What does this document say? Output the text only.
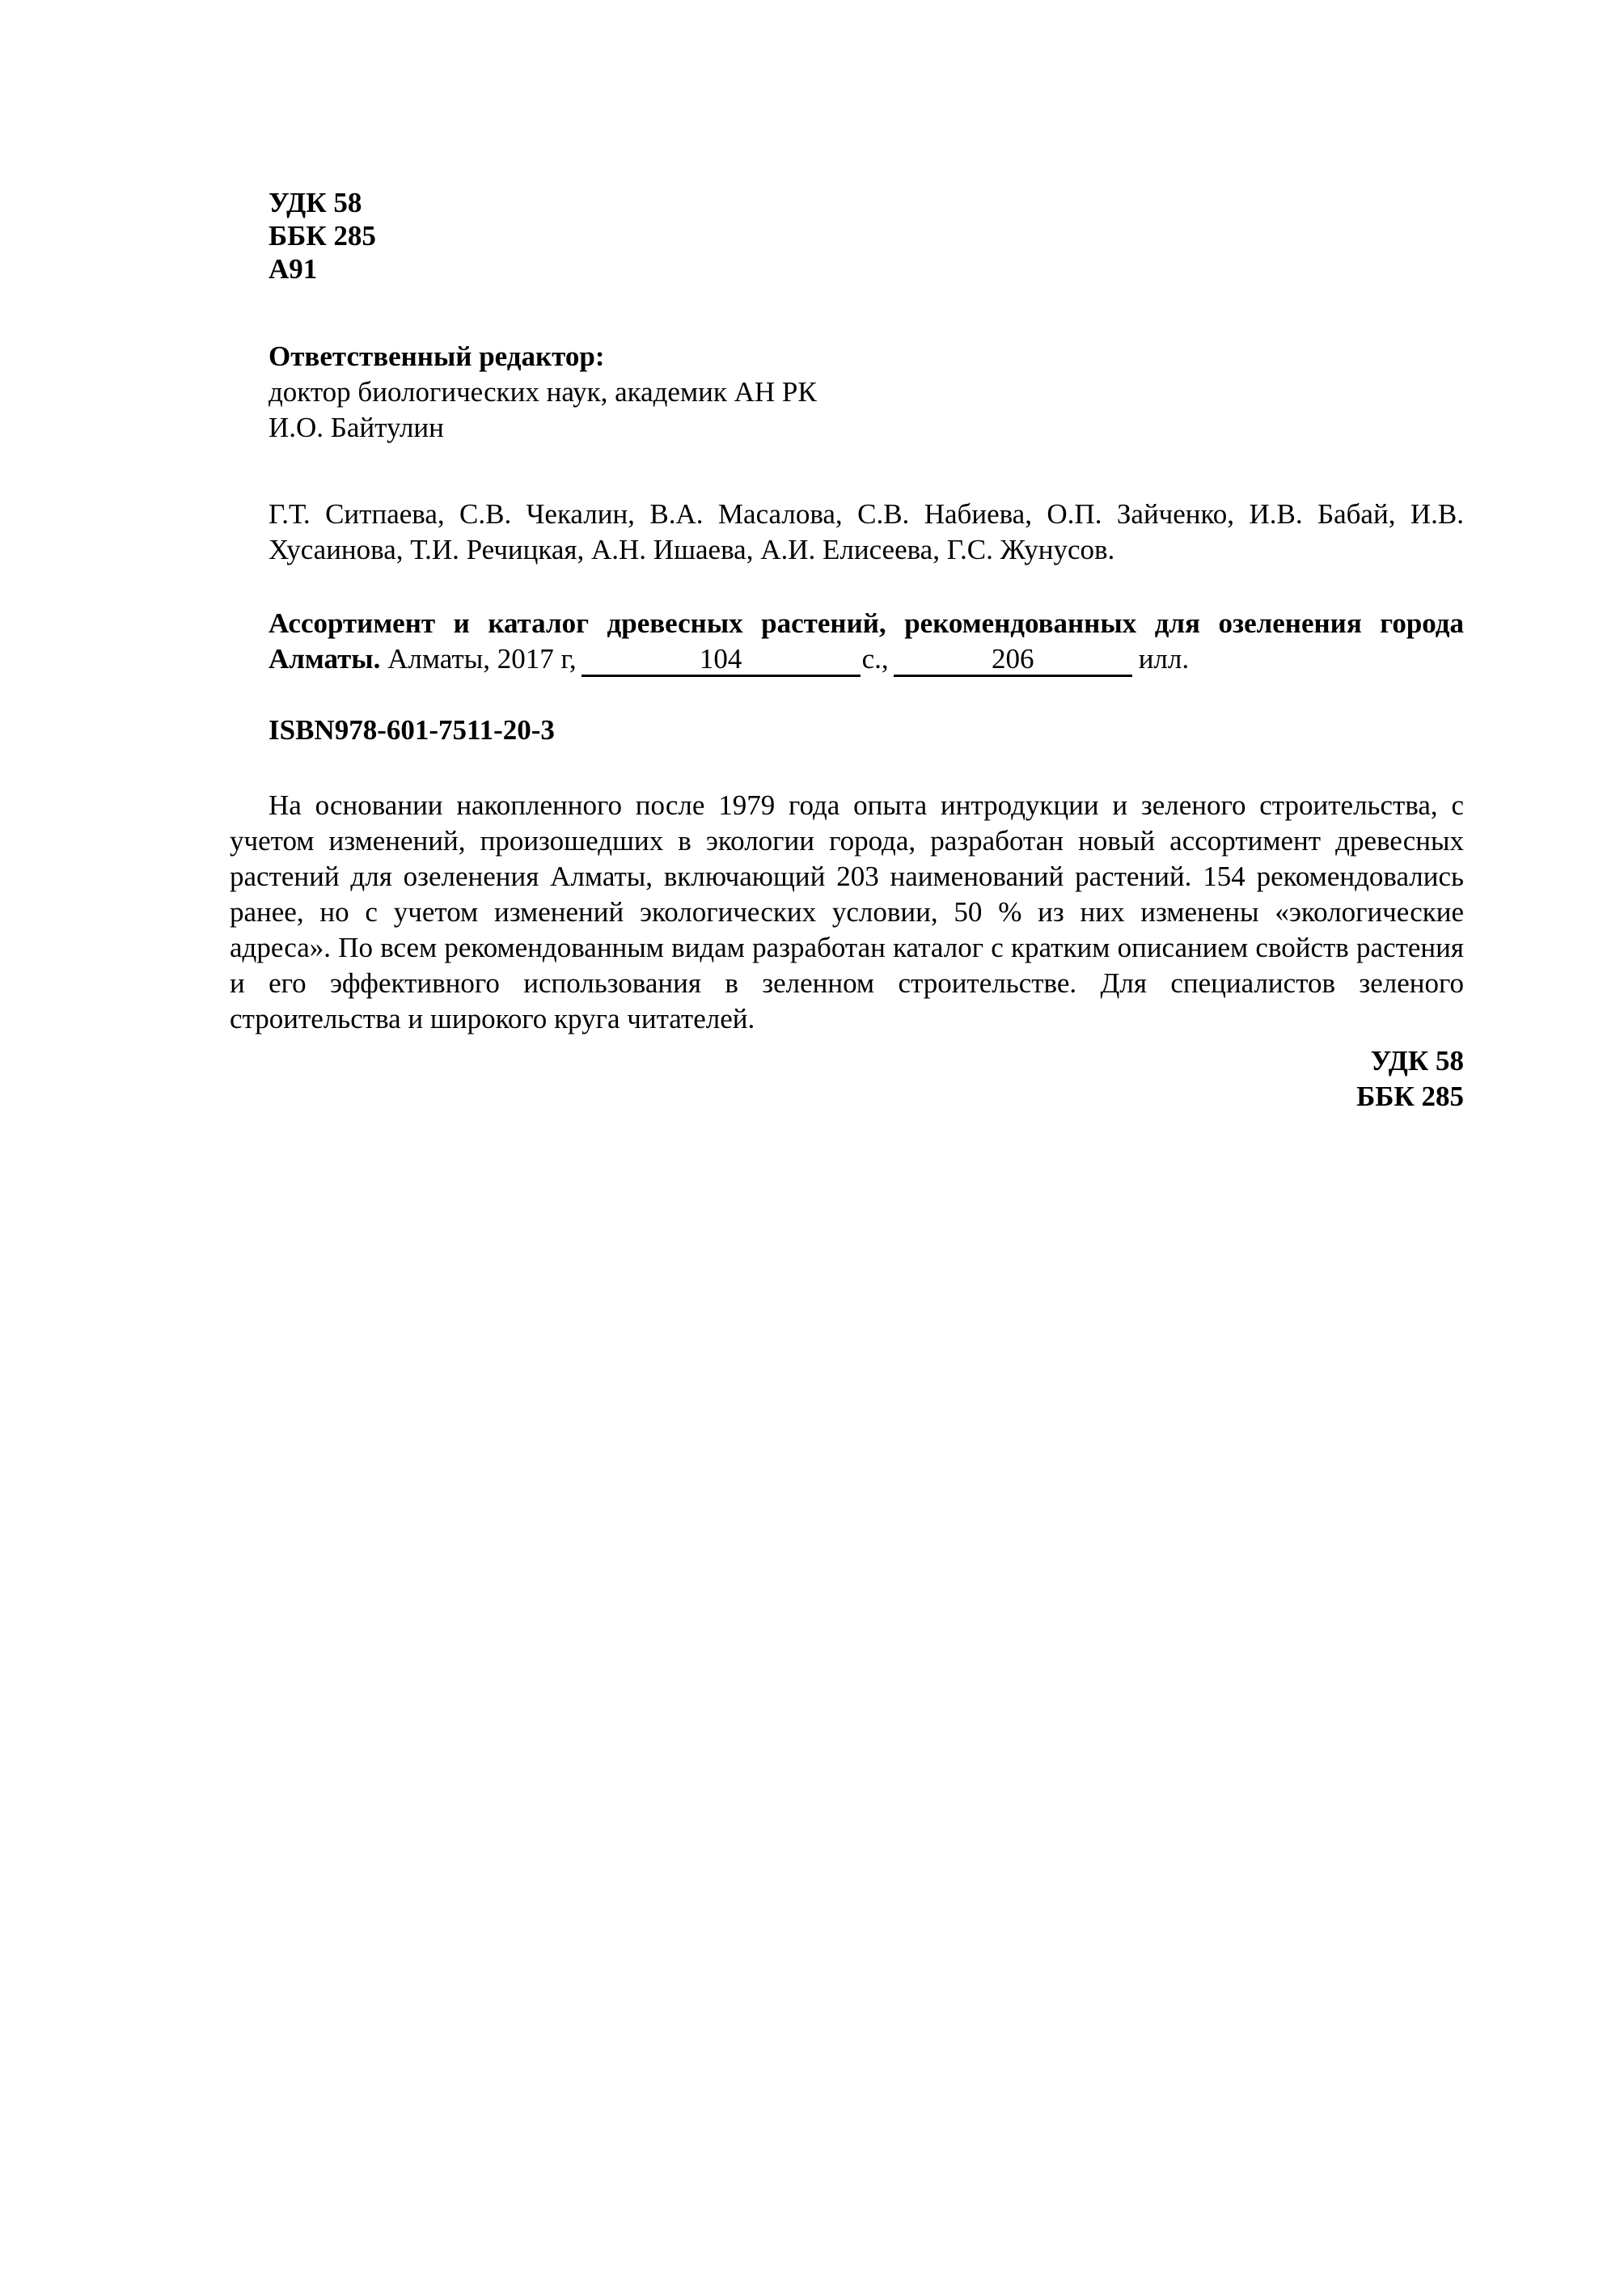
УДК 58
ББК 285
А91
Ответственный редактор:
доктор биологических наук, академик АН РК
И.О. Байтулин

Г.Т. Ситпаева, С.В. Чекалин, В.А. Масалова, С.В. Набиева, О.П. Зайченко, И.В. Бабай, И.В. Хусаинова, Т.И. Речицкая, А.Н. Ишаева, А.И. Елисеева, Г.С. Жунусов.

Ассортимент и каталог древесных растений, рекомендованных для озеленения города Алматы. Алматы, 2017 г,	104	с.,	206	илл.

ISBN978-601-7511-20-3

На основании накопленного после 1979 года опыта интродукции и зеленого строительства, с учетом изменений, произошедших в экологии города, разработан новый ассортимент древесных растений для озеленения Алматы, включающий 203 наименований растений. 154 рекомендовались ранее, но с учетом изменений экологических условии, 50 % из них изменены «экологические адреса». По всем рекомендованным видам разработан каталог с кратким описанием свойств растения и его эффективного использования в зеленном строительстве. Для специалистов зеленого строительства и широкого круга читателей.

УДК 58
ББК 285
